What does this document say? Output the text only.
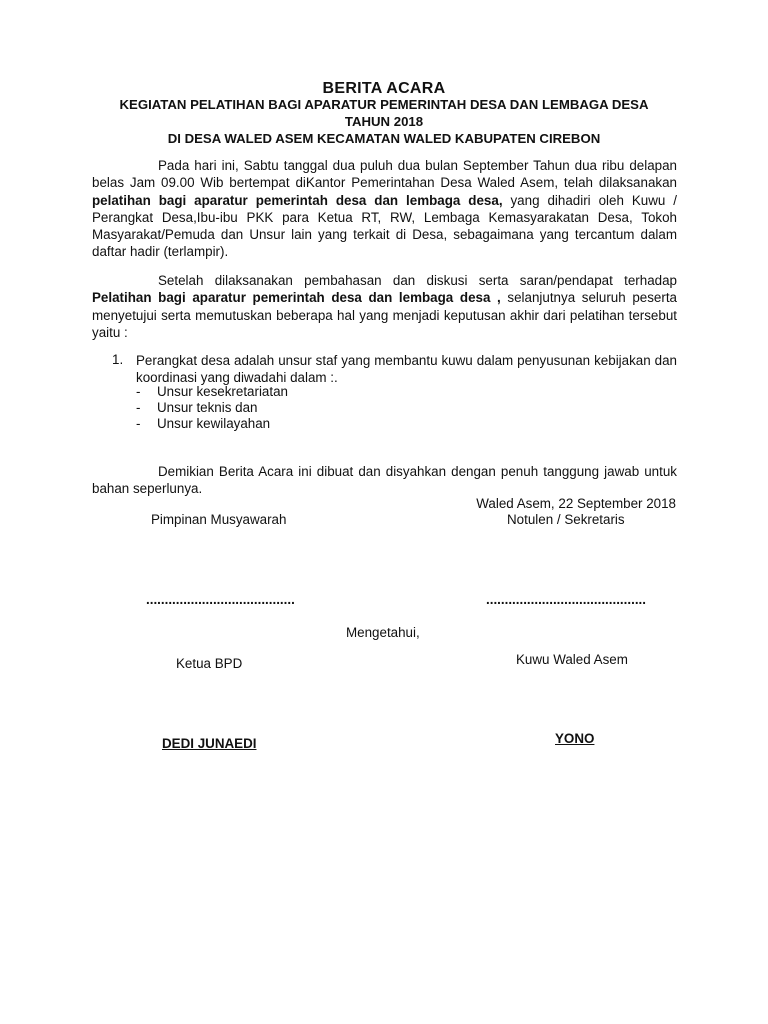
BERITA ACARA
KEGIATAN PELATIHAN BAGI APARATUR PEMERINTAH DESA DAN LEMBAGA DESA
TAHUN 2018
DI DESA WALED ASEM KECAMATAN WALED KABUPATEN CIREBON
Pada hari ini, Sabtu tanggal dua puluh dua bulan September Tahun dua ribu delapan belas Jam 09.00 Wib bertempat diKantor Pemerintahan Desa Waled Asem, telah dilaksanakan pelatihan bagi aparatur pemerintah desa dan lembaga desa, yang dihadiri oleh Kuwu / Perangkat Desa,Ibu-ibu PKK para Ketua RT, RW, Lembaga Kemasyarakatan Desa, Tokoh Masyarakat/Pemuda dan Unsur lain yang terkait di Desa, sebagaimana yang tercantum dalam daftar hadir (terlampir).
Setelah dilaksanakan pembahasan dan diskusi serta saran/pendapat terhadap Pelatihan bagi aparatur pemerintah desa dan lembaga desa , selanjutnya seluruh peserta menyetujui serta memutuskan beberapa hal yang menjadi keputusan akhir dari pelatihan tersebut yaitu :
1. Perangkat desa adalah unsur staf yang membantu kuwu dalam penyusunan kebijakan dan koordinasi yang diwadahi dalam :.
- Unsur kesekretariatan
- Unsur teknis dan
- Unsur kewilayahan
Demikian Berita Acara ini dibuat dan disyahkan dengan penuh tanggung jawab untuk bahan seperlunya.
Waled Asem, 22 September 2018
Pimpinan Musyawarah	Notulen / Sekretaris
........................................	...........................................
Mengetahui,
Ketua BPD	Kuwu Waled Asem
DEDI JUNAEDI	YONO
